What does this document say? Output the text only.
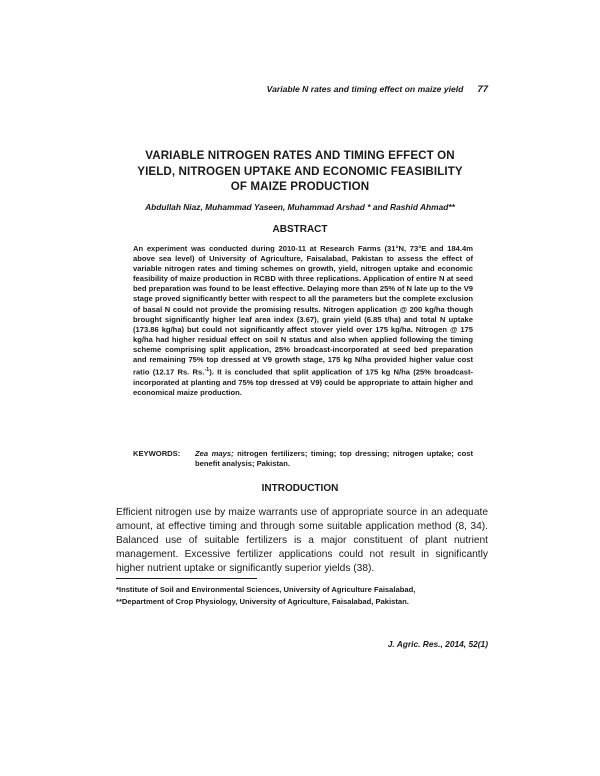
Variable N rates and timing effect on maize yield 77
VARIABLE NITROGEN RATES AND TIMING EFFECT ON
YIELD, NITROGEN UPTAKE AND ECONOMIC FEASIBILITY
OF MAIZE PRODUCTION
Abdullah Niaz, Muhammad Yaseen, Muhammad Arshad * and Rashid Ahmad**
ABSTRACT
An experiment was conducted during 2010-11 at Research Farms (31°N, 73°E and 184.4m above sea level) of University of Agriculture, Faisalabad, Pakistan to assess the effect of variable nitrogen rates and timing schemes on growth, yield, nitrogen uptake and economic feasibility of maize production in RCBD with three replications. Application of entire N at seed bed preparation was found to be least effective. Delaying more than 25% of N late up to the V9 stage proved significantly better with respect to all the parameters but the complete exclusion of basal N could not provide the promising results. Nitrogen application @ 200 kg/ha though brought significantly higher leaf area index (3.67), grain yield (6.85 t/ha) and total N uptake (173.86 kg/ha) but could not significantly affect stover yield over 175 kg/ha. Nitrogen @ 175 kg/ha had higher residual effect on soil N status and also when applied following the timing scheme comprising split application, 25% broadcast-incorporated at seed bed preparation and remaining 75% top dressed at V9 growth stage, 175 kg N/ha provided higher value cost ratio (12.17 Rs. Rs.$^{-1}$). It is concluded that split application of 175 kg N/ha (25% broadcast-incorporated at planting and 75% top dressed at V9) could be appropriate to attain higher and economical maize production.
KEYWORDS:	Zea mays; nitrogen fertilizers; timing; top dressing; nitrogen uptake; cost benefit analysis; Pakistan.
INTRODUCTION
Efficient nitrogen use by maize warrants use of appropriate source in an adequate amount, at effective timing and through some suitable application method (8, 34). Balanced use of suitable fertilizers is a major constituent of plant nutrient management. Excessive fertilizer applications could not result in significantly higher nutrient uptake or significantly superior yields (38).
*Institute of Soil and Environmental Sciences, University of Agriculture Faisalabad,
**Department of Crop Physiology, University of Agriculture, Faisalabad, Pakistan.
J. Agric. Res., 2014, 52(1)
